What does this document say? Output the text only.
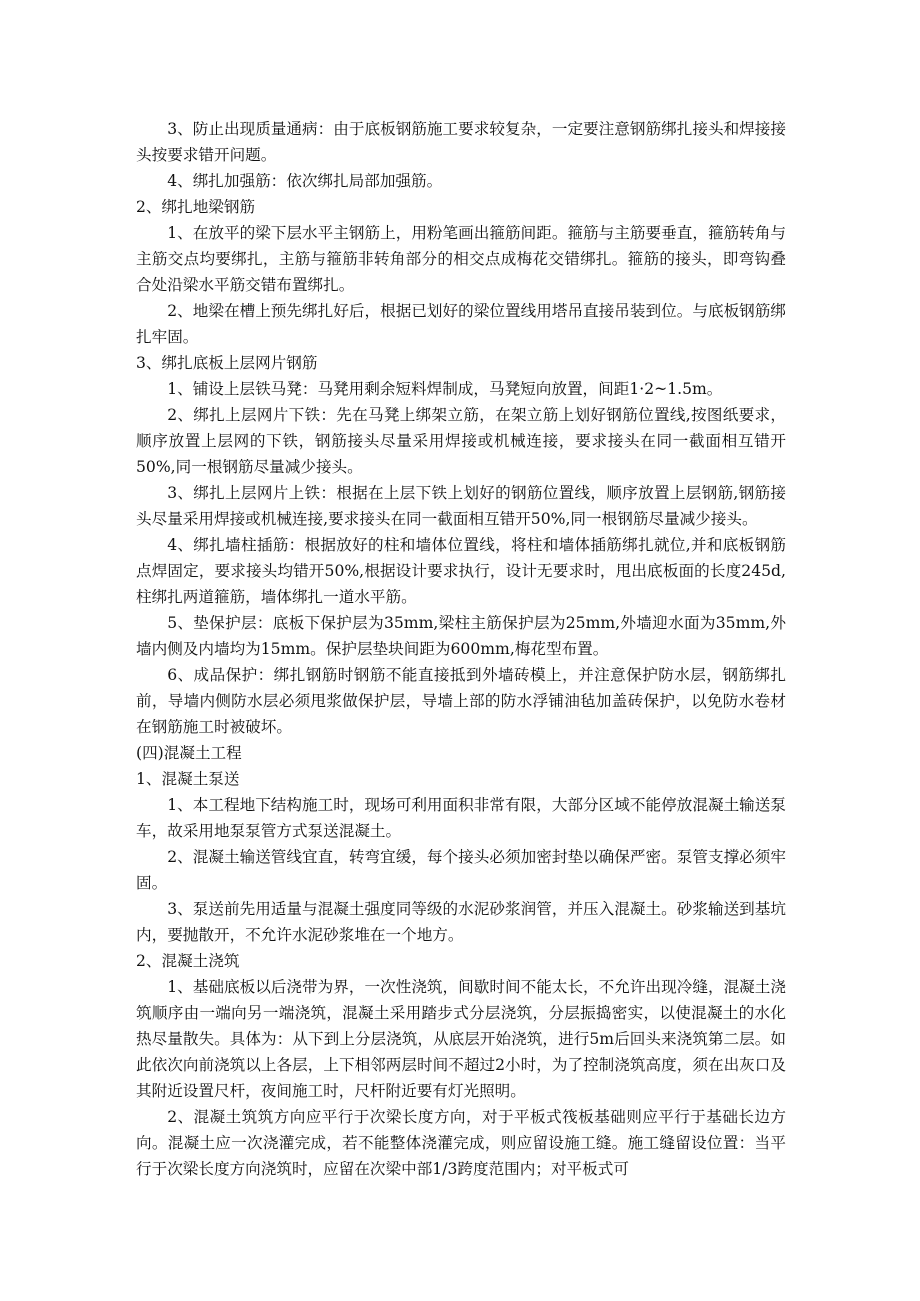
3、防止出现质量通病：由于底板钢筋施工要求较复杂，一定要注意钢筋绑扎接头和焊接接头按要求错开问题。

4、绑扎加强筋：依次绑扎局部加强筋。

2、绑扎地梁钢筋

1、在放平的梁下层水平主钢筋上，用粉笔画出箍筋间距。箍筋与主筋要垂直，箍筋转角与主筋交点均要绑扎，主筋与箍筋非转角部分的相交点成梅花交错绑扎。箍筋的接头，即弯钩叠合处沿梁水平筋交错布置绑扎。

2、地梁在槽上预先绑扎好后，根据已划好的梁位置线用塔吊直接吊装到位。与底板钢筋绑扎牢固。

3、绑扎底板上层网片钢筋

1、铺设上层铁马凳：马凳用剩余短料焊制成，马凳短向放置，间距1·2~1.5m。

2、绑扎上层网片下铁：先在马凳上绑架立筋，在架立筋上划好钢筋位置线,按图纸要求，顺序放置上层网的下铁，钢筋接头尽量采用焊接或机械连接，要求接头在同一截面相互错开50%,同一根钢筋尽量减少接头。

3、绑扎上层网片上铁：根据在上层下铁上划好的钢筋位置线，顺序放置上层钢筋,钢筋接头尽量采用焊接或机械连接,要求接头在同一截面相互错开50%,同一根钢筋尽量减少接头。

4、绑扎墙柱插筋：根据放好的柱和墙体位置线，将柱和墙体插筋绑扎就位,并和底板钢筋点焊固定，要求接头均错开50%,根据设计要求执行，设计无要求时，甩出底板面的长度245d,柱绑扎两道箍筋，墙体绑扎一道水平筋。

5、垫保护层：底板下保护层为35mm,梁柱主筋保护层为25mm,外墙迎水面为35mm,外墙内侧及内墙均为15mm。保护层垫块间距为600mm,梅花型布置。

6、成品保护：绑扎钢筋时钢筋不能直接抵到外墙砖模上，并注意保护防水层，钢筋绑扎前，导墙内侧防水层必须甩浆做保护层，导墙上部的防水浮铺油毡加盖砖保护，以免防水卷材在钢筋施工时被破坏。

(四)混凝土工程

1、混凝土泵送

1、本工程地下结构施工时，现场可利用面积非常有限，大部分区域不能停放混凝土输送泵车，故采用地泵泵管方式泵送混凝土。

2、混凝土输送管线宜直，转弯宜缓，每个接头必须加密封垫以确保严密。泵管支撑必须牢固。

3、泵送前先用适量与混凝土强度同等级的水泥砂浆润管，并压入混凝土。砂浆输送到基坑内，要抛散开，不允许水泥砂浆堆在一个地方。

2、混凝土浇筑

1、基础底板以后浇带为界，一次性浇筑，间歇时间不能太长，不允许出现冷缝，混凝土浇筑顺序由一端向另一端浇筑，混凝土采用踏步式分层浇筑，分层振捣密实，以使混凝土的水化热尽量散失。具体为：从下到上分层浇筑，从底层开始浇筑，进行5m后回头来浇筑第二层。如此依次向前浇筑以上各层，上下相邻两层时间不超过2小时，为了控制浇筑高度，须在出灰口及其附近设置尺杆，夜间施工时，尺杆附近要有灯光照明。

2、混凝土筑筑方向应平行于次梁长度方向，对于平板式筏板基础则应平行于基础长边方向。混凝土应一次浇灌完成，若不能整体浇灌完成，则应留设施工缝。施工缝留设位置：当平行于次梁长度方向浇筑时，应留在次梁中部1/3跨度范围内；对平板式可
